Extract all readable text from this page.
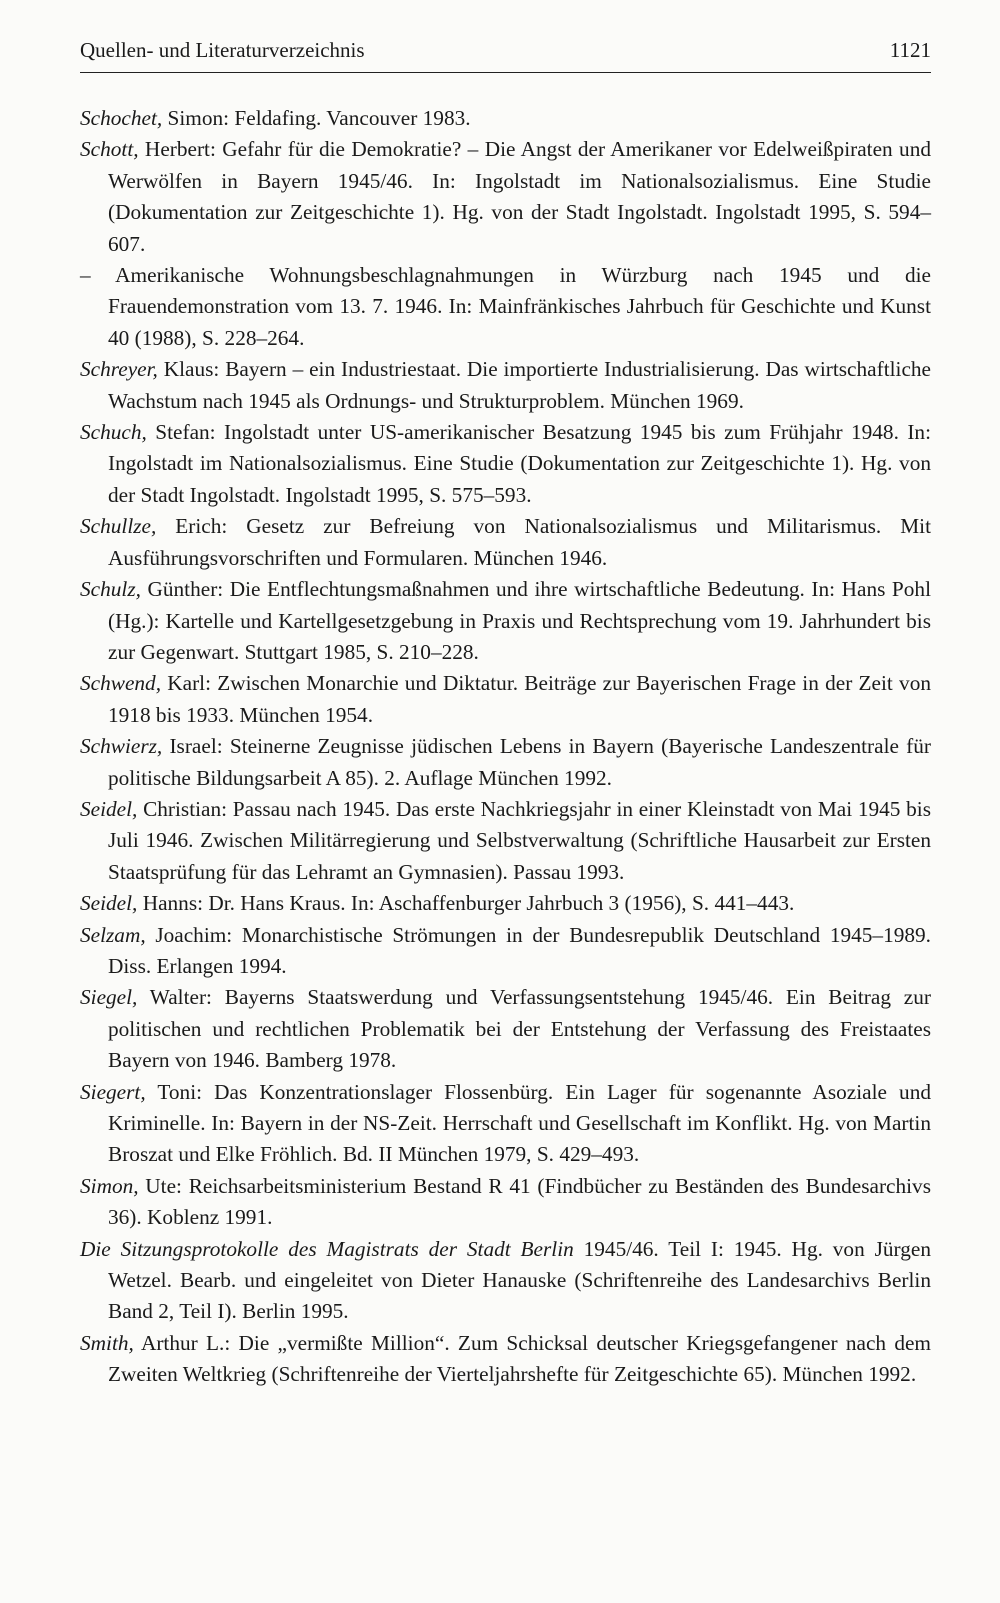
Quellen- und Literaturverzeichnis	1121

Schochet, Simon: Feldafing. Vancouver 1983.

Schott, Herbert: Gefahr für die Demokratie? – Die Angst der Amerikaner vor Edelweißpiraten und Werwölfen in Bayern 1945/46. In: Ingolstadt im Nationalsozialismus. Eine Studie (Dokumentation zur Zeitgeschichte 1). Hg. von der Stadt Ingolstadt. Ingolstadt 1995, S. 594–607.

– Amerikanische Wohnungsbeschlagnahmungen in Würzburg nach 1945 und die Frauendemonstration vom 13. 7. 1946. In: Mainfränkisches Jahrbuch für Geschichte und Kunst 40 (1988), S. 228–264.

Schreyer, Klaus: Bayern – ein Industriestaat. Die importierte Industrialisierung. Das wirtschaftliche Wachstum nach 1945 als Ordnungs- und Strukturproblem. München 1969.

Schuch, Stefan: Ingolstadt unter US-amerikanischer Besatzung 1945 bis zum Frühjahr 1948. In: Ingolstadt im Nationalsozialismus. Eine Studie (Dokumentation zur Zeitgeschichte 1). Hg. von der Stadt Ingolstadt. Ingolstadt 1995, S. 575–593.

Schullze, Erich: Gesetz zur Befreiung von Nationalsozialismus und Militarismus. Mit Ausführungsvorschriften und Formularen. München 1946.

Schulz, Günther: Die Entflechtungsmaßnahmen und ihre wirtschaftliche Bedeutung. In: Hans Pohl (Hg.): Kartelle und Kartellgesetzgebung in Praxis und Rechtsprechung vom 19. Jahrhundert bis zur Gegenwart. Stuttgart 1985, S. 210–228.

Schwend, Karl: Zwischen Monarchie und Diktatur. Beiträge zur Bayerischen Frage in der Zeit von 1918 bis 1933. München 1954.

Schwierz, Israel: Steinerne Zeugnisse jüdischen Lebens in Bayern (Bayerische Landeszentrale für politische Bildungsarbeit A 85). 2. Auflage München 1992.

Seidel, Christian: Passau nach 1945. Das erste Nachkriegsjahr in einer Kleinstadt von Mai 1945 bis Juli 1946. Zwischen Militärregierung und Selbstverwaltung (Schriftliche Hausarbeit zur Ersten Staatsprüfung für das Lehramt an Gymnasien). Passau 1993.

Seidel, Hanns: Dr. Hans Kraus. In: Aschaffenburger Jahrbuch 3 (1956), S. 441–443.

Selzam, Joachim: Monarchistische Strömungen in der Bundesrepublik Deutschland 1945–1989. Diss. Erlangen 1994.

Siegel, Walter: Bayerns Staatswerdung und Verfassungsentstehung 1945/46. Ein Beitrag zur politischen und rechtlichen Problematik bei der Entstehung der Verfassung des Freistaates Bayern von 1946. Bamberg 1978.

Siegert, Toni: Das Konzentrationslager Flossenbürg. Ein Lager für sogenannte Asoziale und Kriminelle. In: Bayern in der NS-Zeit. Herrschaft und Gesellschaft im Konflikt. Hg. von Martin Broszat und Elke Fröhlich. Bd. II München 1979, S. 429–493.

Simon, Ute: Reichsarbeitsministerium Bestand R 41 (Findbücher zu Beständen des Bundesarchivs 36). Koblenz 1991.

Die Sitzungsprotokolle des Magistrats der Stadt Berlin 1945/46. Teil I: 1945. Hg. von Jürgen Wetzel. Bearb. und eingeleitet von Dieter Hanauske (Schriftenreihe des Landesarchivs Berlin Band 2, Teil I). Berlin 1995.

Smith, Arthur L.: Die „vermißte Million“. Zum Schicksal deutscher Kriegsgefangener nach dem Zweiten Weltkrieg (Schriftenreihe der Vierteljahrshefte für Zeitgeschichte 65). München 1992.
